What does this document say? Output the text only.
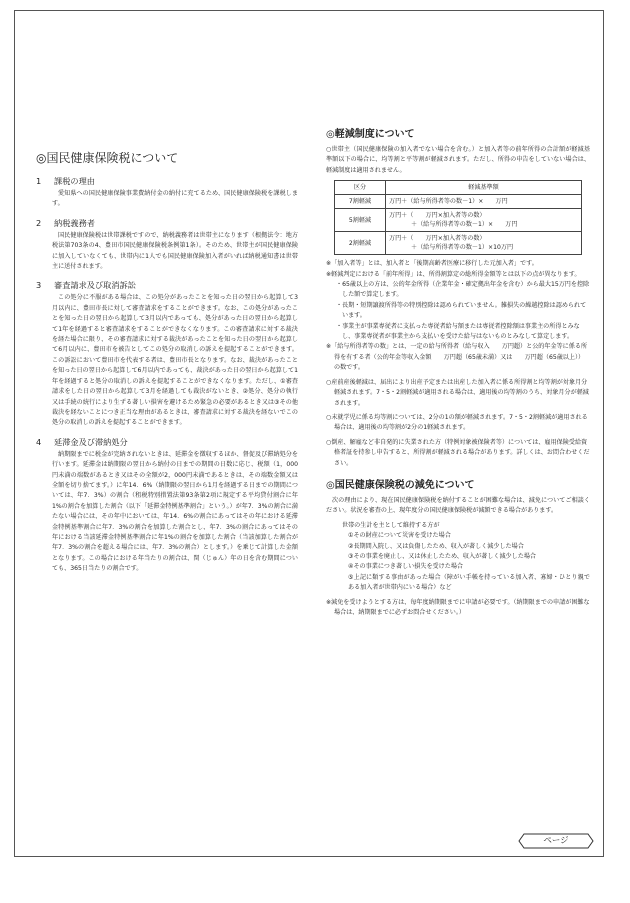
◎国民健康保険税について
1	課税の理由

愛知県への国民健康保険事業費納付金の納付に充てるため、国民健康保険税を課税します。

2	納税義務者

国民健康保険税は世帯課税ですので、納税義務者は世帯主になります（根拠法令：地方税法第703条の4、豊田市国民健康保険税条例第1条）。そのため、世帯主が国民健康保険に加入していなくても、世帯内に1人でも国民健康保険加入者がいれば納税通知書は世帯主に送付されます。

3	審査請求及び取消訴訟

この処分に不服がある場合は、この処分があったことを知った日の翌日から起算して3月以内に、豊田市長に対して審査請求をすることができます。なお、この処分があったことを知った日の翌日から起算して3月以内であっても、処分があった日の翌日から起算して1年を経過すると審査請求をすることができなくなります。この審査請求に対する裁決を経た場合に限り、その審査請求に対する裁決があったことを知った日の翌日から起算して6月以内に、豊田市を被告としてこの処分の取消しの訴えを提起することができます。この訴訟において豊田市を代表する者は、豊田市長となります。なお、裁決があったことを知った日の翌日から起算して6月以内であっても、裁決があった日の翌日から起算して1年を経過すると処分の取消しの訴えを提起することができなくなります。ただし、①審査請求をした日の翌日から起算して3月を経過しても裁決がないとき、②処分、処分の執行又は手続の続行により生ずる著しい損害を避けるため緊急の必要があるとき又は③その他裁決を経ないことにつき正当な理由があるときは、審査請求に対する裁決を経ないでこの処分の取消しの訴えを提起することができます。

4	延滞金及び滞納処分

納期限までに税金が完納されないときは、延滞金を徴収するほか、督促及び滞納処分を行います。延滞金は納期限の翌日から納付の日までの期間の日数に応じ、税額（1，000円未満の端数があるとき又はその全額が2，000円未満であるときは、その端数金額又は全額を切り捨てます。）に年14．6%（納期限の翌日から1月を経過する日までの期間については、年7．3%）の割合（租税特別措置法第93条第2項に規定する平均貸付割合に年1%の割合を加算した割合（以下「延滞金特例基準割合」という。）が年7．3%の割合に満たない場合には、その年中においては、年14．6%の割合にあってはその年における延滞金特例基準割合に年7．3%の割合を加算した割合とし、年7．3%の割合にあってはその年における当該延滞金特例基準割合に年1%の割合を加算した割合（当該加算した割合が年7．3%の割合を超える場合には、年7．3%の割合）とします。）を乗じて計算した金額となります。この場合における年当たりの割合は、閏（じゅん）年の日を含む期間についても、365日当たりの割合です。

◎軽減制度について

○世帯主（国民健康保険の加入者でない場合を含む。）と加入者等の前年所得の合計額が軽減基準額以下の場合に、均等割と平等割が軽減されます。ただし、所得の申告をしていない場合は、軽減制度は適用されません。

区分	軽減基準額
7割軽減	万円＋（給与所得者等の数－1）×　　万円

5割軽減	万円＋（　　万円×加入者等の数）
＋（給与所得者等の数－1）×　　万円

2割軽減	万円＋（　　万円×加入者等の数）
＋（給与所得者等の数－1）×10万円

※「加入者等」とは、加入者と「後期高齢者医療に移行した元加入者」です。

※軽減判定における「前年所得」は、所得割算定の総所得金額等とは以下の点が異なります。

・65歳以上の方は、公的年金所得（企業年金・確定拠出年金を含む）から最大15万円を控除した額で算定します。

・長期・短期譲渡所得等の特別控除は認められていません。雑損失の繰越控除は認められています。

・事業主が事業専従者に支払った専従者給与額または専従者控除額は事業主の所得とみなし、事業専従者が事業主から支払いを受けた給与はないものとみなして算定します。

※「給与所得者等の数」とは、一定の給与所得者（給与収入　　万円超）と公的年金等に係る所得を有する者（公的年金等収入金額　　万円超（65歳未満）又は　　万円超（65歳以上））の数です。

○産前産後軽減は、届出により出産予定または出産した加入者に係る所得割と均等割が対象月分軽減されます。7・5・2割軽減が適用される場合は、適用後の均等割のうち、対象月分が軽減されます。

○未就学児に係る均等割については、2分の1の額が軽減されます。7・5・2割軽減が適用される場合は、適用後の均等割が2分の1軽減されます。

○倒産、解雇など非自発的に失業された方（特例対象被保険者等）については、雇用保険受給資格者証を持参し申告すると、所得割が軽減される場合があります。詳しくは、お問合わせください。

◎国民健康保険税の減免について

次の理由により、現在国民健康保険税を納付することが困難な場合は、減免についてご相談ください。状況を審査の上、現年度分の国民健康保険税が減額できる場合があります。

世帯の生計を主として維持する方が

①その財産について災害を受けた場合

②長期間入院し、又は負傷したため、収入が著しく減少した場合

③その事業を廃止し、又は休止したため、収入が著しく減少した場合

④その事業につき著しい損失を受けた場合

⑤上記に類する事由があった場合（障がい手帳を持っている加入者、寡婦・ひとり親である加入者が世帯内にいる場合）など

※減免を受けようとする方は、毎年度納期限までに申請が必要です。（納期限までの申請が困難な場合は、納期限までに必ずお問合せください。）

ページ
